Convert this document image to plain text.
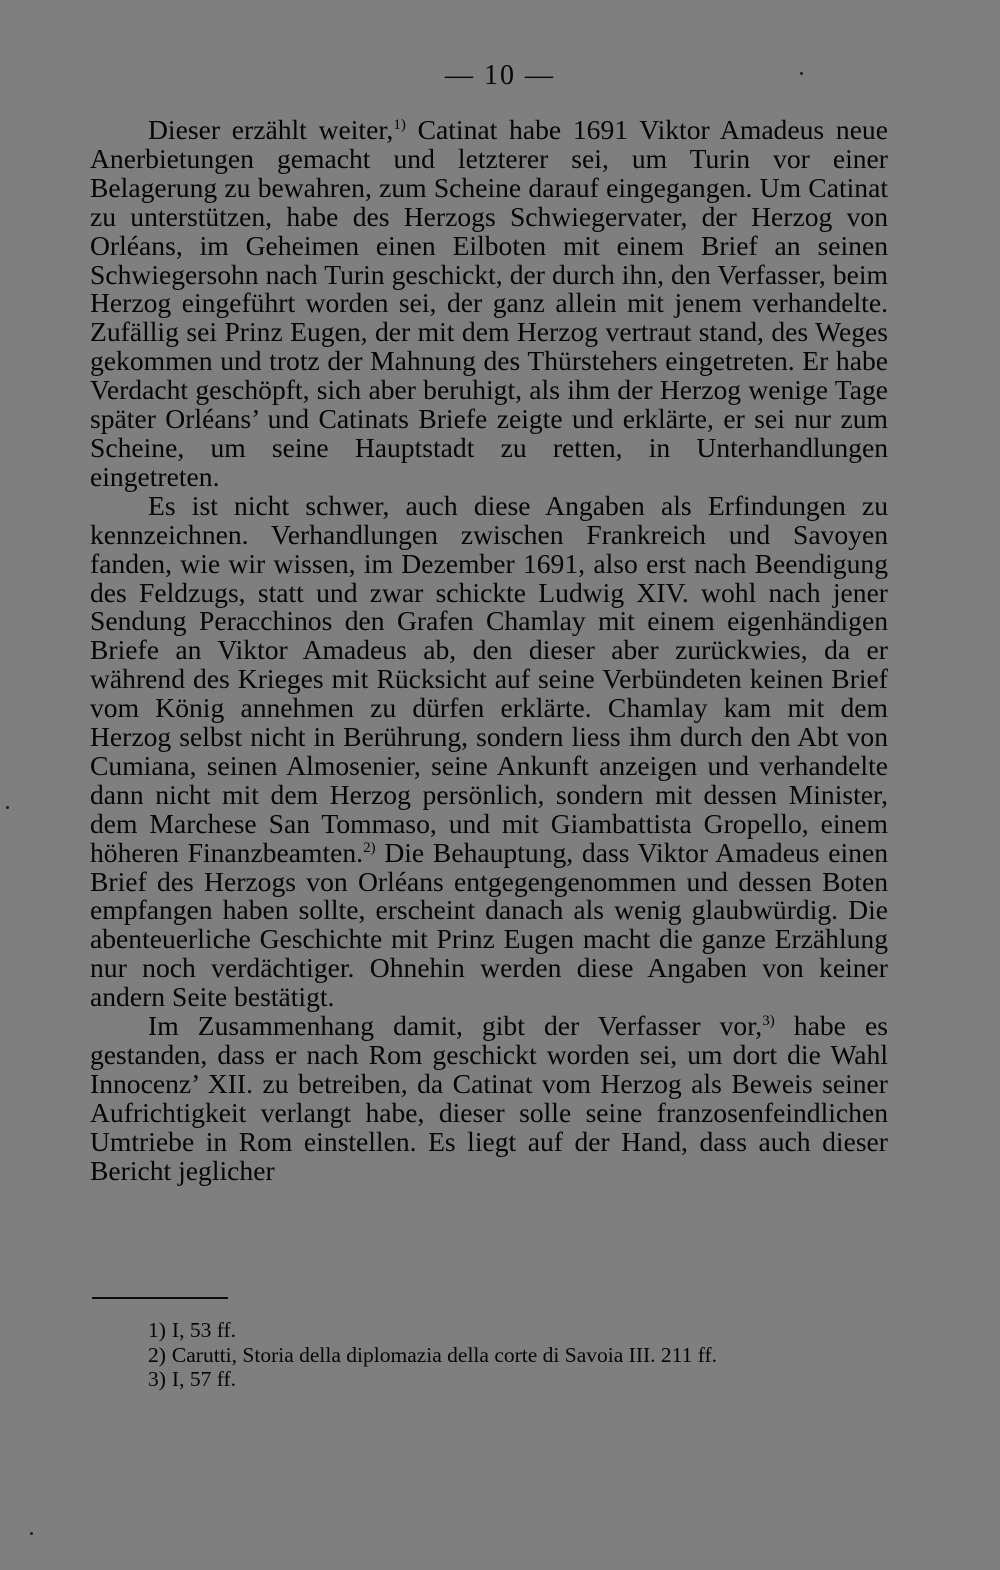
— 10 —

Dieser erzählt weiter,$^{1)}$ Catinat habe 1691 Viktor Amadeus neue Anerbietungen gemacht und letzterer sei, um Turin vor einer Belagerung zu bewahren, zum Scheine darauf eingegangen. Um Catinat zu unterstützen, habe des Herzogs Schwiegervater, der Herzog von Orléans, im Geheimen einen Eilboten mit einem Brief an seinen Schwiegersohn nach Turin geschickt, der durch ihn, den Verfasser, beim Herzog eingeführt worden sei, der ganz allein mit jenem verhandelte. Zufällig sei Prinz Eugen, der mit dem Herzog vertraut stand, des Weges gekommen und trotz der Mahnung des Thürstehers eingetreten. Er habe Verdacht geschöpft, sich aber beruhigt, als ihm der Herzog wenige Tage später Orléans’ und Catinats Briefe zeigte und erklärte, er sei nur zum Scheine, um seine Hauptstadt zu retten, in Unterhandlungen eingetreten.

Es ist nicht schwer, auch diese Angaben als Erfindungen zu kennzeichnen. Verhandlungen zwischen Frankreich und Savoyen fanden, wie wir wissen, im Dezember 1691, also erst nach Beendigung des Feldzugs, statt und zwar schickte Ludwig XIV. wohl nach jener Sendung Peracchinos den Grafen Chamlay mit einem eigenhändigen Briefe an Viktor Amadeus ab, den dieser aber zurückwies, da er während des Krieges mit Rücksicht auf seine Verbündeten keinen Brief vom König annehmen zu dürfen erklärte. Chamlay kam mit dem Herzog selbst nicht in Berührung, sondern liess ihm durch den Abt von Cumiana, seinen Almosenier, seine Ankunft anzeigen und verhandelte dann nicht mit dem Herzog persönlich, sondern mit dessen Minister, dem Marchese San Tommaso, und mit Giambattista Gropello, einem höheren Finanzbeamten.$^{2)}$ Die Behauptung, dass Viktor Amadeus einen Brief des Herzogs von Orléans entgegengenommen und dessen Boten empfangen haben sollte, erscheint danach als wenig glaubwürdig. Die abenteuerliche Geschichte mit Prinz Eugen macht die ganze Erzählung nur noch verdächtiger. Ohnehin werden diese Angaben von keiner andern Seite bestätigt.

Im Zusammenhang damit, gibt der Verfasser vor,$^{3)}$ habe es gestanden, dass er nach Rom geschickt worden sei, um dort die Wahl Innocenz’ XII. zu betreiben, da Catinat vom Herzog als Beweis seiner Aufrichtigkeit verlangt habe, dieser solle seine franzosenfeindlichen Umtriebe in Rom einstellen. Es liegt auf der Hand, dass auch dieser Bericht jeglicher

1) I, 53 ff.
2) Carutti, Storia della diplomazia della corte di Savoia III. 211 ff.
3) I, 57 ff.
